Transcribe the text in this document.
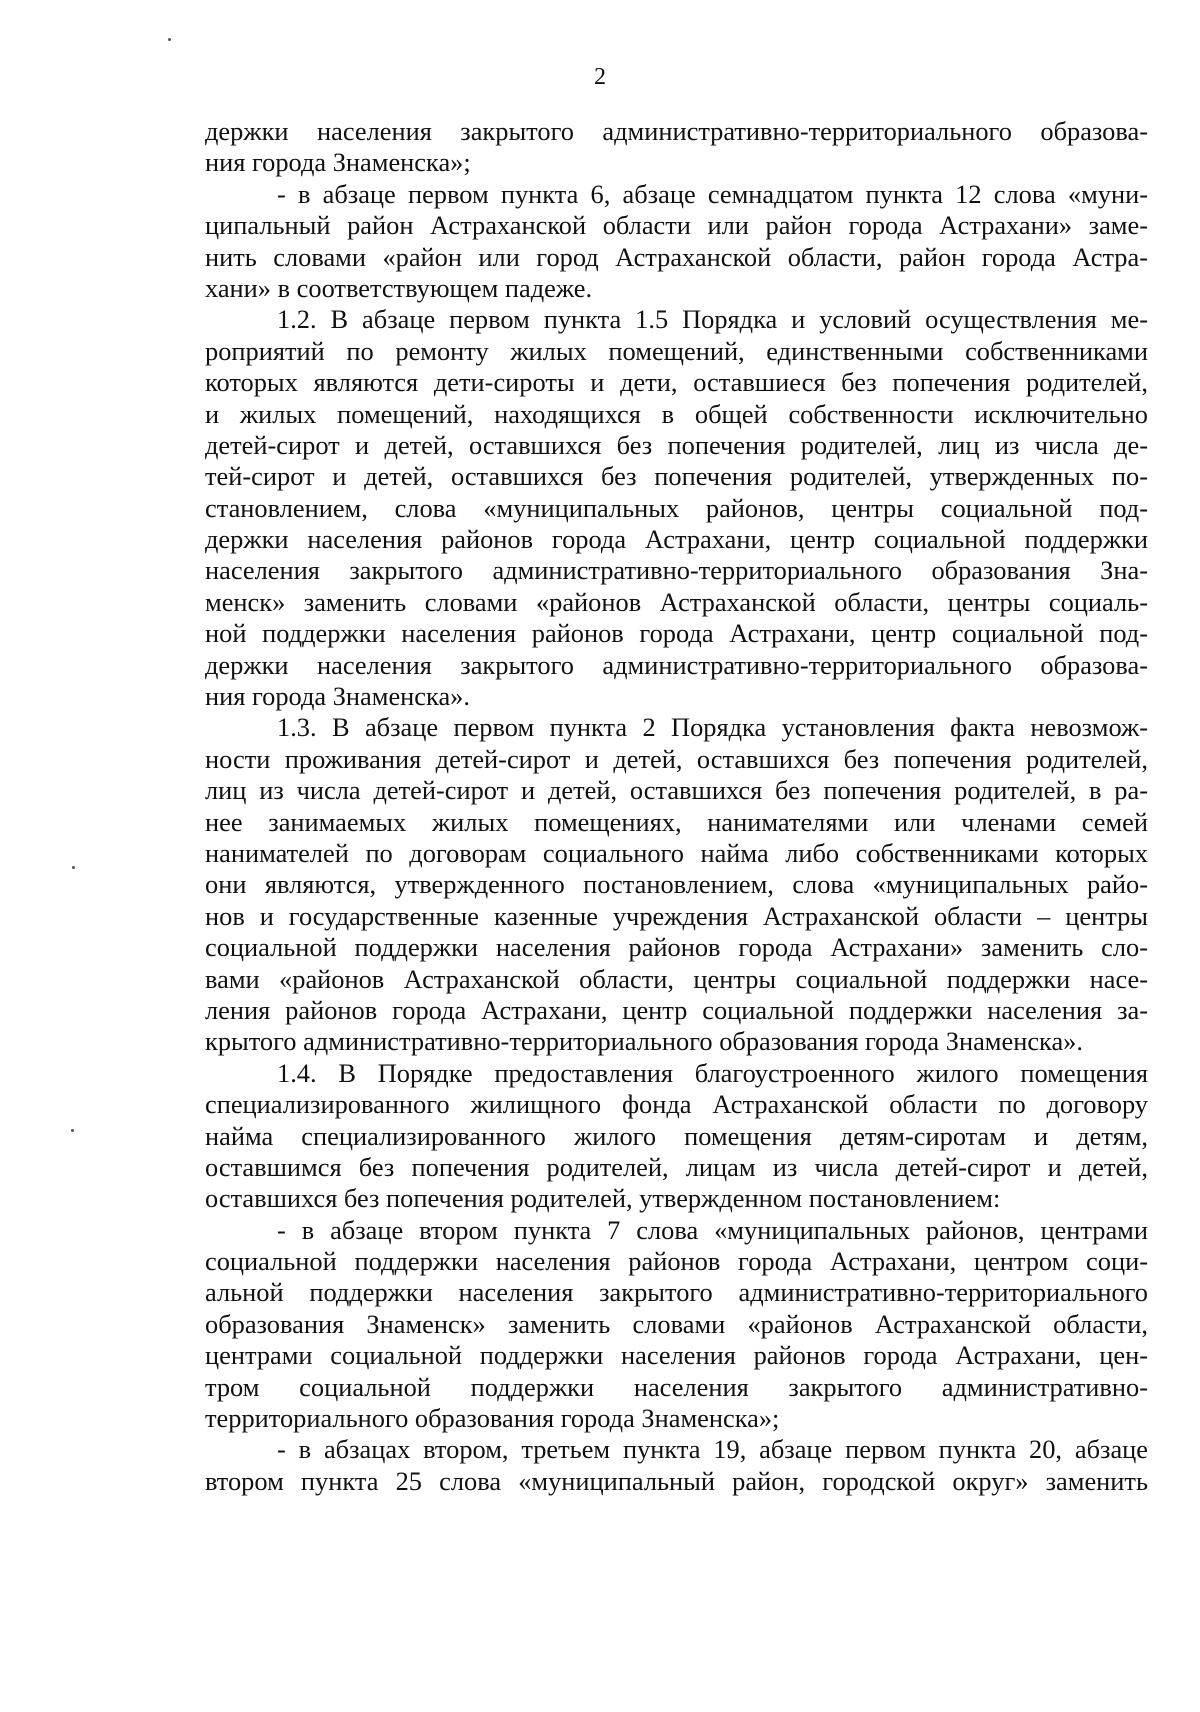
2
держки населения закрытого административно-территориального образова-
ния города Знаменска»;
- в абзаце первом пункта 6, абзаце семнадцатом пункта 12 слова «муни-
ципальный район Астраханской области или район города Астрахани» заме-
нить словами «район или город Астраханской области, район города Астра-
хани» в соответствующем падеже.
1.2. В абзаце первом пункта 1.5 Порядка и условий осуществления ме-
роприятий по ремонту жилых помещений, единственными собственниками
которых являются дети-сироты и дети, оставшиеся без попечения родителей,
и жилых помещений, находящихся в общей собственности исключительно
детей-сирот и детей, оставшихся без попечения родителей, лиц из числа де-
тей-сирот и детей, оставшихся без попечения родителей, утвержденных по-
становлением, слова «муниципальных районов, центры социальной под-
держки населения районов города Астрахани, центр социальной поддержки
населения закрытого административно-территориального образования Зна-
менск» заменить словами «районов Астраханской области, центры социаль-
ной поддержки населения районов города Астрахани, центр социальной под-
держки населения закрытого административно-территориального образова-
ния города Знаменска».
1.3. В абзаце первом пункта 2 Порядка установления факта невозмож-
ности проживания детей-сирот и детей, оставшихся без попечения родителей,
лиц из числа детей-сирот и детей, оставшихся без попечения родителей, в ра-
нее занимаемых жилых помещениях, нанимателями или членами семей
нанимателей по договорам социального найма либо собственниками которых
они являются, утвержденного постановлением, слова «муниципальных райо-
нов и государственные казенные учреждения Астраханской области – центры
социальной поддержки населения районов города Астрахани» заменить сло-
вами «районов Астраханской области, центры социальной поддержки насе-
ления районов города Астрахани, центр социальной поддержки населения за-
крытого административно-территориального образования города Знаменска».
1.4. В Порядке предоставления благоустроенного жилого помещения
специализированного жилищного фонда Астраханской области по договору
найма специализированного жилого помещения детям-сиротам и детям,
оставшимся без попечения родителей, лицам из числа детей-сирот и детей,
оставшихся без попечения родителей, утвержденном постановлением:
- в абзаце втором пункта 7 слова «муниципальных районов, центрами
социальной поддержки населения районов города Астрахани, центром соци-
альной поддержки населения закрытого административно-территориального
образования Знаменск» заменить словами «районов Астраханской области,
центрами социальной поддержки населения районов города Астрахани, цен-
тром социальной поддержки населения закрытого административно-
территориального образования города Знаменска»;
- в абзацах втором, третьем пункта 19, абзаце первом пункта 20, абзаце
втором пункта 25 слова «муниципальный район, городской округ» заменить
